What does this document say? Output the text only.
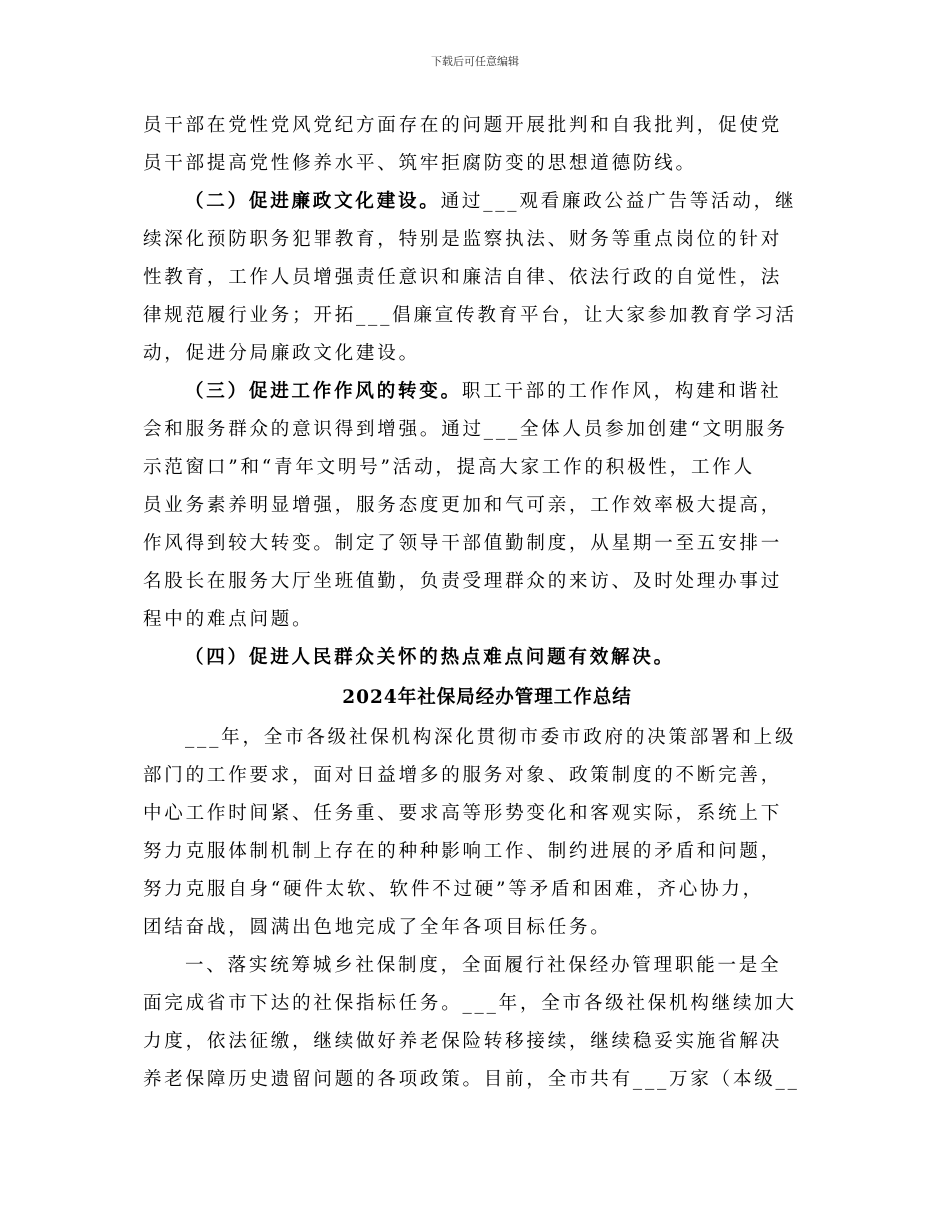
下载后可任意编辑
员干部在党性党风党纪方面存在的问题开展批判和自我批判，促使党
员干部提高党性修养水平、筑牢拒腐防变的思想道德防线。
（二）促进廉政文化建设。通过___观看廉政公益广告等活动，继
续深化预防职务犯罪教育，特别是监察执法、财务等重点岗位的针对
性教育，工作人员增强责任意识和廉洁自律、依法行政的自觉性，法
律规范履行业务；开拓___倡廉宣传教育平台，让大家参加教育学习活
动，促进分局廉政文化建设。
（三）促进工作作风的转变。职工干部的工作作风，构建和谐社
会和服务群众的意识得到增强。通过___全体人员参加创建“文明服务
示范窗口”和“青年文明号”活动，提高大家工作的积极性，工作人
员业务素养明显增强，服务态度更加和气可亲，工作效率极大提高，
作风得到较大转变。制定了领导干部值勤制度，从星期一至五安排一
名股长在服务大厅坐班值勤，负责受理群众的来访、及时处理办事过
程中的难点问题。
（四）促进人民群众关怀的热点难点问题有效解决。
2024年社保局经办管理工作总结
___年，全市各级社保机构深化贯彻市委市政府的决策部署和上级
部门的工作要求，面对日益增多的服务对象、政策制度的不断完善，
中心工作时间紧、任务重、要求高等形势变化和客观实际，系统上下
努力克服体制机制上存在的种种影响工作、制约进展的矛盾和问题，
努力克服自身“硬件太软、软件不过硬”等矛盾和困难，齐心协力，
团结奋战，圆满出色地完成了全年各项目标任务。
一、落实统筹城乡社保制度，全面履行社保经办管理职能一是全
面完成省市下达的社保指标任务。___年，全市各级社保机构继续加大
力度，依法征缴，继续做好养老保险转移接续，继续稳妥实施省解决
养老保障历史遗留问题的各项政策。目前，全市共有___万家（本级__
